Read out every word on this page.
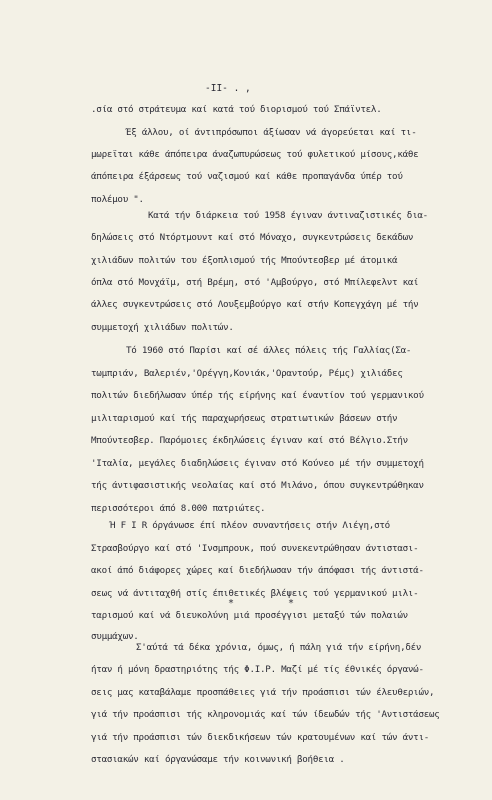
-II- . ,
.σία στό στράτευμα καί κατά τού διορισμού τού Σπάϊντελ.
Έξ άλλου, οί άντιπρόσωποι άξίωσαν νά άγορεύεται καί τι-
μωρεϊται κάθε άπόπειρα άναζωπυρώσεως τού φυλετικού μίσους,κάθε
άπόπειρα έξάρσεως τού ναζισμού καί κάθε προπαγάνδα ύπέρ τού
πολέμου ".
Κατά τήν διάρκεια τού 1958 έγιναν άντιναζιστικές δια-
δηλώσεις στό Ντόρτμουντ καί στό Μόναχο, συγκεντρώσεις δεκάδων
χιλιάδων πολιτών του έξοπλισμού τής Μπούντεσβερ μέ άτομικά
όπλα στό Μονχάϊμ, στή Βρέμη, στό 'Αμβούργο, στό Μπίλεφελντ καί
άλλες συγκεντρώσεις στό Λουξεμβούργο καί στήν Κοπεγχάγη μέ τήν
συμμετοχή χιλιάδων πολιτών.
Τό 1960 στό Παρίσι καί σέ άλλες πόλεις τής Γαλλίας(Σα-
τωμπριάν, Βαλεριέν,'Ορέγγη,Κονιάκ,'Οραντούρ, Ρέμς) χιλιάδες
πολιτών διεδήλωσαν ύπέρ τής είρήνης καί έναντίον τού γερμανικού
μιλιταρισμού καί τής παραχωρήσεως στρατιωτικών βάσεων στήν
Μπούντεσβερ. Παρόμοιες έκδηλώσεις έγιναν καί στό Βέλγιο.Στήν
'Ιταλία, μεγάλες διαδηλώσεις έγιναν στό Κούνεο μέ τήν συμμετοχή
τής άντιφασιστικής νεολαίας καί στό Μιλάνο, όπου συγκεντρώθηκαν
περισσότεροι άπό 8.000 πατριώτες.
Ή F I R όργάνωσε έπί πλέον συναντήσεις στήν Λιέγη,στό
Στρασβούργο καί στό 'Ινσμπρουκ, πού συνεκεντρώθησαν άντιστασι-
ακοί άπό διάφορες χώρες καί διεδήλωσαν τήν άπόφασι τής άντιστά-
σεως νά άντιταχθή στίς έπιθετικές βλέψεις τού γερμανικού μιλι-
ταρισμού καί νά διευκολύνη μιά προσέγγισι μεταξύ τών πολαιών
συμμάχων.
* *
Σ'αύτά τά δέκα χρόνια, όμως, ή πάλη γιά τήν είρήνη,δέν
ήταν ή μόνη δραστηριότης τής Φ.Ι.Ρ. Μαζί μέ τίς έθνικές όργανώ-
σεις μας καταβάλαμε προσπάθειες γιά τήν προάσπισι τών έλευθεριών,
γιά τήν προάσπισι τής κληρονομιάς καί τών ίδεωδών τής 'Αντιστάσεως
γιά τήν προάσπισι τών διεκδικήσεων τών κρατουμένων καί τών άντι-
στασιακών καί όργανώσαμε τήν κοινωνική βοήθεια .
